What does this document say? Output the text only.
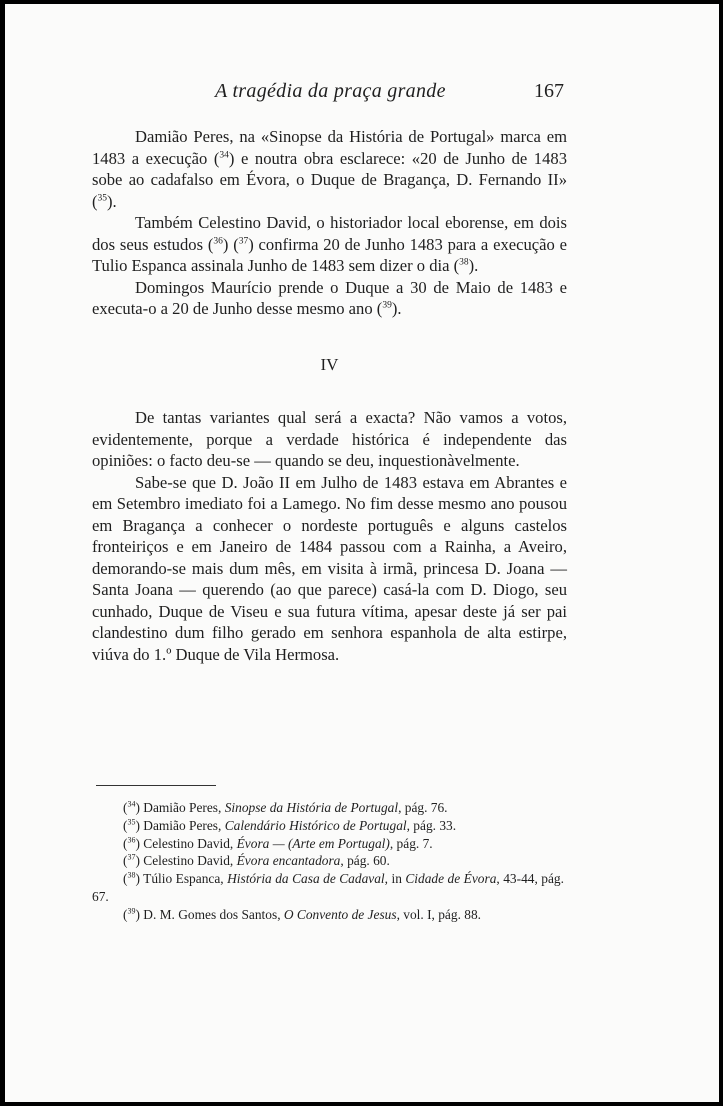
A tragédia da praça grande	167

Damião Peres, na «Sinopse da História de Portugal» marca em 1483 a execução ($^{34}$) e noutra obra esclarece: «20 de Junho de 1483 sobe ao cadafalso em Évora, o Duque de Bragança, D. Fernando II» ($^{35}$).

Também Celestino David, o historiador local eborense, em dois dos seus estudos ($^{36}$) ($^{37}$) confirma 20 de Junho 1483 para a execução e Tulio Espanca assinala Junho de 1483 sem dizer o dia ($^{38}$).

Domingos Maurício prende o Duque a 30 de Maio de 1483 e executa-o a 20 de Junho desse mesmo ano ($^{39}$).

IV

De tantas variantes qual será a exacta? Não vamos a votos, evidentemente, porque a verdade histórica é independente das opiniões: o facto deu-se — quando se deu, inquestionàvelmente.

Sabe-se que D. João II em Julho de 1483 estava em Abrantes e em Setembro imediato foi a Lamego. No fim desse mesmo ano pousou em Bragança a conhecer o nordeste português e alguns castelos fronteiriços e em Janeiro de 1484 passou com a Rainha, a Aveiro, demorando-se mais dum mês, em visita à irmã, princesa D. Joana — Santa Joana — querendo (ao que parece) casá-la com D. Diogo, seu cunhado, Duque de Viseu e sua futura vítima, apesar deste já ser pai clandestino dum filho gerado em senhora espanhola de alta estirpe, viúva do 1.º Duque de Vila Hermosa.

($^{34}$) Damião Peres, Sinopse da História de Portugal, pág. 76.

($^{35}$) Damião Peres, Calendário Histórico de Portugal, pág. 33.

($^{36}$) Celestino David, Évora — (Arte em Portugal), pág. 7.

($^{37}$) Celestino David, Évora encantadora, pág. 60.

($^{38}$) Túlio Espanca, História da Casa de Cadaval, in Cidade de Évora, 43-44, pág. 67.

($^{39}$) D. M. Gomes dos Santos, O Convento de Jesus, vol. I, pág. 88.
